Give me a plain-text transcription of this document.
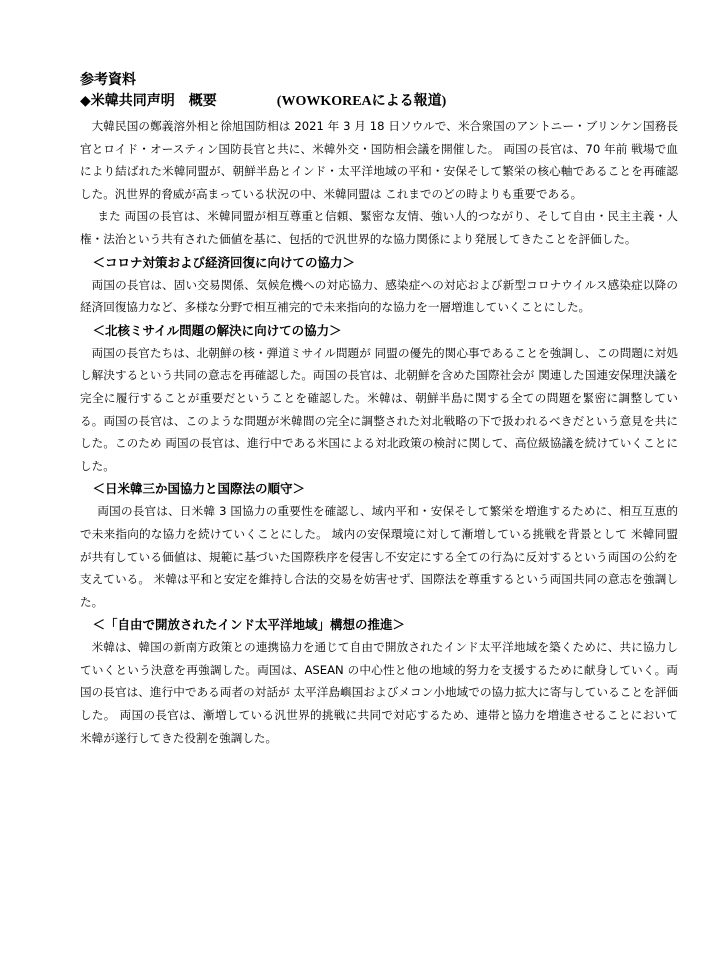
参考資料

◆米韓共同声明　概要	(WOWKOREAによる報道)

大韓民国の鄭義溶外相と徐旭国防相は 2021 年 3 月 18 日ソウルで、米合衆国のアントニー・ブリンケン国務長官とロイド・オースティン国防長官と共に、米韓外交・国防相会議を開催した。 両国の長官は、70 年前 戦場で血により結ばれた米韓同盟が、朝鮮半島とインド・太平洋地域の平和・安保そして繁栄の核心軸であることを再確認した。汎世界的脅威が高まっている状況の中、米韓同盟は これまでのどの時よりも重要である。

また 両国の長官は、米韓同盟が相互尊重と信頼、緊密な友情、強い人的つながり、そして自由・民主主義・人権・法治という共有された価値を基に、包括的で汎世界的な協力関係により発展してきたことを評価した。

＜コロナ対策および経済回復に向けての協力＞

両国の長官は、固い交易関係、気候危機への対応協力、感染症への対応および新型コロナウイルス感染症以降の経済回復協力など、多様な分野で相互補完的で未来指向的な協力を一層増進していくことにした。

＜北核ミサイル問題の解決に向けての協力＞

両国の長官たちは、北朝鮮の核・弾道ミサイル問題が 同盟の優先的関心事であることを強調し、この問題に対処し解決するという共同の意志を再確認した。両国の長官は、北朝鮮を含めた国際社会が 関連した国連安保理決議を完全に履行することが重要だということを確認した。米韓は、朝鮮半島に関する全ての問題を緊密に調整している。両国の長官は、このような問題が米韓間の完全に調整された対北戦略の下で扱われるべきだという意見を共にした。このため 両国の長官は、進行中である米国による対北政策の検討に関して、高位級協議を続けていくことにした。

＜日米韓三か国協力と国際法の順守＞

両国の長官は、日米韓 3 国協力の重要性を確認し、域内平和・安保そして繁栄を増進するために、相互互恵的で未来指向的な協力を続けていくことにした。 域内の安保環境に対して漸増している挑戦を背景として 米韓同盟が共有している価値は、規範に基づいた国際秩序を侵害し不安定にする全ての行為に反対するという両国の公約を支えている。 米韓は平和と安定を維持し合法的交易を妨害せず、国際法を尊重するという両国共同の意志を強調した。

＜「自由で開放されたインド太平洋地域」構想の推進＞

米韓は、韓国の新南方政策との連携協力を通じて自由で開放されたインド太平洋地域を築くために、共に協力していくという決意を再強調した。両国は、ASEAN の中心性と他の地域的努力を支援するために献身していく。両国の長官は、進行中である両者の対話が 太平洋島嶼国およびメコン小地域での協力拡大に寄与していることを評価した。 両国の長官は、漸増している汎世界的挑戦に共同で対応するため、連帯と協力を増進させることにおいて 米韓が遂行してきた役割を強調した。
